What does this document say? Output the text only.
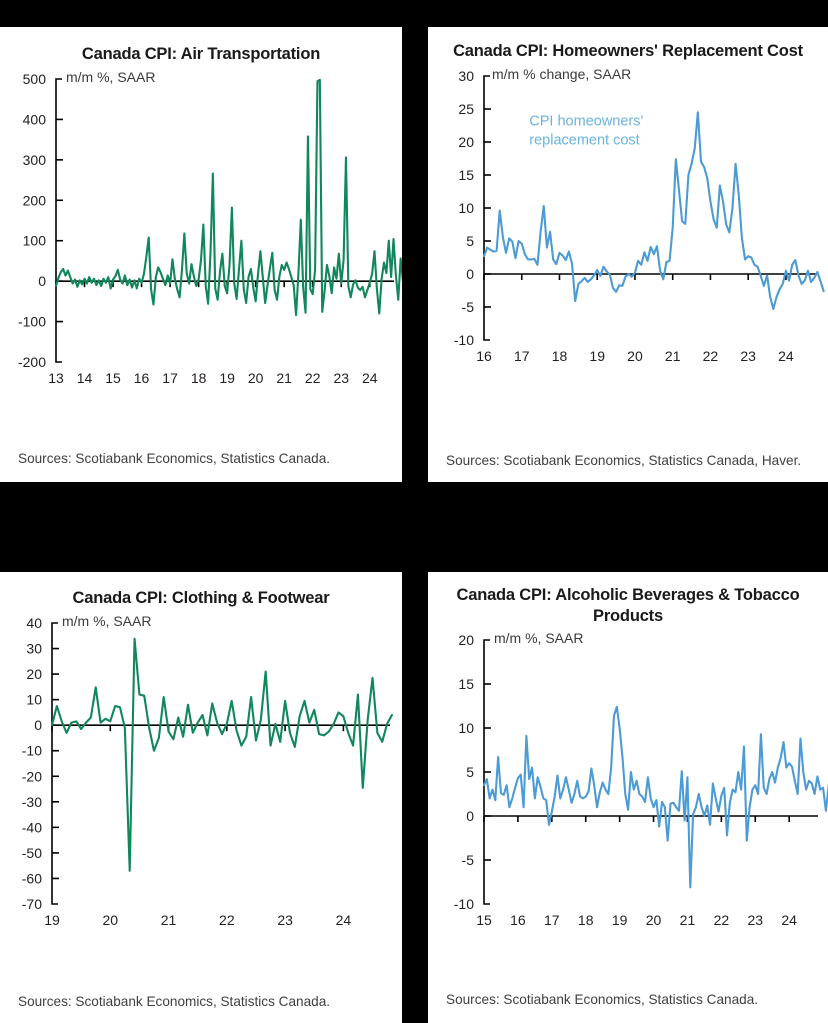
Canada CPI: Air Transportation
-200
-100
0
100
200
300
400
500
13 14 15 16 17 18 19 20 21 22 23 24
m/m %, SAAR
Sources: Scotiabank Economics, Statistics Canada.
Canada CPI: Homeowners' Replacement Cost
-10
-5
0
5
10
15
20
25
30
16 17 18 19 20 21 22 23 24
m/m % change, SAAR
CPI homeowners'
replacement cost
Sources: Scotiabank Economics, Statistics Canada, Haver.
Canada CPI: Clothing & Footwear
-70
-60
-50
-40
-30
-20
-10
0
10
20
30
40
19	20	21	22	23	24
m/m %, SAAR
Sources: Scotiabank Economics, Statistics Canada.
Canada CPI: Alcoholic Beverages & Tobacco Products
-10
-5
0
5
10
15
20
15 16 17 18 19 20 21 22 23 24
m/m %, SAAR
Sources: Scotiabank Economics, Statistics Canada.
